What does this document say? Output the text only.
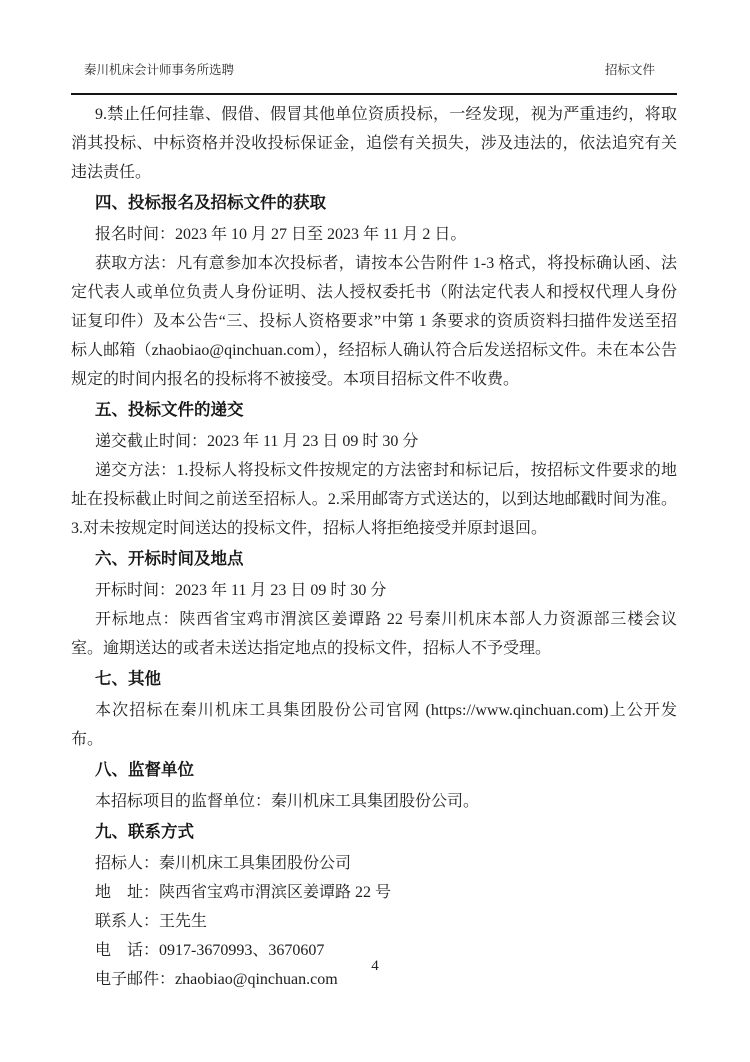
秦川机床会计师事务所选聘	招标文件

9.禁止任何挂靠、假借、假冒其他单位资质投标，一经发现，视为严重违约，将取消其投标、中标资格并没收投标保证金，追偿有关损失，涉及违法的，依法追究有关违法责任。

四、投标报名及招标文件的获取

报名时间：2023 年 10 月 27 日至 2023 年 11 月 2 日。

获取方法：凡有意参加本次投标者，请按本公告附件 1-3 格式，将投标确认函、法定代表人或单位负责人身份证明、法人授权委托书（附法定代表人和授权代理人身份证复印件）及本公告“三、投标人资格要求”中第 1 条要求的资质资料扫描件发送至招标人邮箱（zhaobiao@qinchuan.com），经招标人确认符合后发送招标文件。未在本公告规定的时间内报名的投标将不被接受。本项目招标文件不收费。

五、投标文件的递交

递交截止时间：2023 年 11 月 23 日 09 时 30 分

递交方法：1.投标人将投标文件按规定的方法密封和标记后，按招标文件要求的地址在投标截止时间之前送至招标人。2.采用邮寄方式送达的，以到达地邮戳时间为准。3.对未按规定时间送达的投标文件，招标人将拒绝接受并原封退回。

六、开标时间及地点

开标时间：2023 年 11 月 23 日 09 时 30 分

开标地点：陕西省宝鸡市渭滨区姜谭路 22 号秦川机床本部人力资源部三楼会议室。逾期送达的或者未送达指定地点的投标文件，招标人不予受理。

七、其他

本次招标在秦川机床工具集团股份公司官网 (https://www.qinchuan.com)上公开发布。

八、监督单位

本招标项目的监督单位：秦川机床工具集团股份公司。

九、联系方式

招标人：秦川机床工具集团股份公司

地　址：陕西省宝鸡市渭滨区姜谭路 22 号

联系人：王先生

电　话：0917-3670993、3670607

电子邮件：zhaobiao@qinchuan.com

4
